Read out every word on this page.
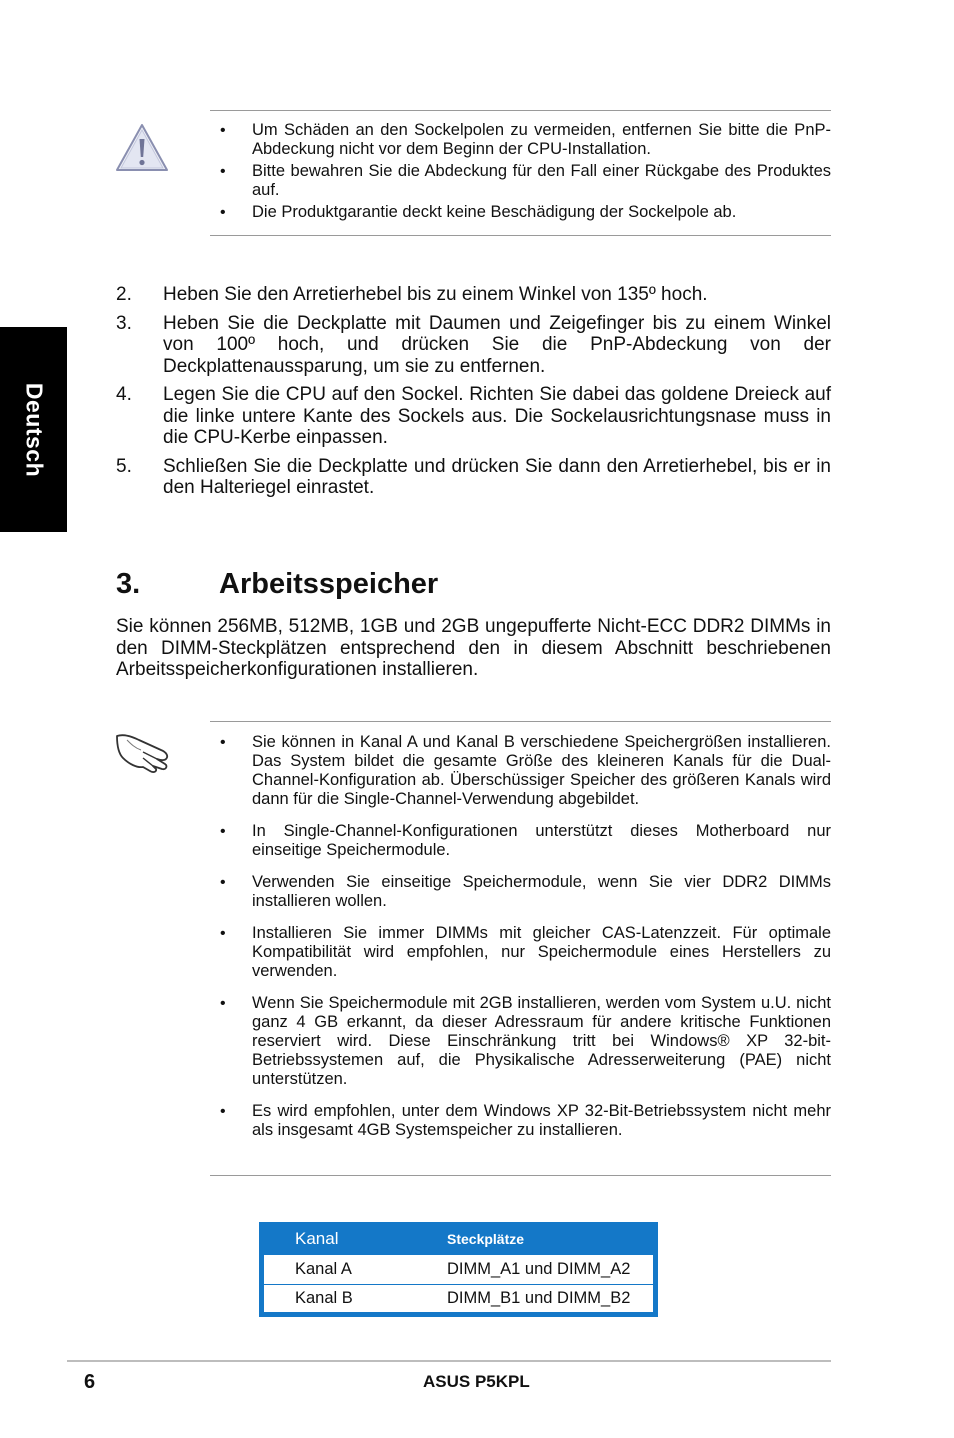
Deutsch
• Um Schäden an den Sockelpolen zu vermeiden, entfernen Sie bitte die PnP-Abdeckung nicht vor dem Beginn der CPU-Installation.
• Bitte bewahren Sie die Abdeckung für den Fall einer Rückgabe des Produktes auf.
• Die Produktgarantie deckt keine Beschädigung der Sockelpole ab.
2. Heben Sie den Arretierhebel bis zu einem Winkel von 135º hoch.
3. Heben Sie die Deckplatte mit Daumen und Zeigefinger bis zu einem Winkel von 100º hoch, und drücken Sie die PnP-Abdeckung von der Deckplattenaussparung, um sie zu entfernen.
4. Legen Sie die CPU auf den Sockel. Richten Sie dabei das goldene Dreieck auf die linke untere Kante des Sockels aus. Die Sockelausrichtungsnase muss in die CPU-Kerbe einpassen.
5. Schließen Sie die Deckplatte und drücken Sie dann den Arretierhebel, bis er in den Halteriegel einrastet.
3.	Arbeitsspeicher

Sie können 256MB, 512MB, 1GB und 2GB ungepufferte Nicht-ECC DDR2 DIMMs in den DIMM-Steckplätzen entsprechend den in diesem Abschnitt beschriebenen Arbeitsspeicherkonfigurationen installieren.

• Sie können in Kanal A und Kanal B verschiedene Speichergrößen installieren. Das System bildet die gesamte Größe des kleineren Kanals für die Dual-Channel-Konfiguration ab. Überschüssiger Speicher des größeren Kanals wird dann für die Single-Channel-Verwendung abgebildet.
• In Single-Channel-Konfigurationen unterstützt dieses Motherboard nur einseitige Speichermodule.
• Verwenden Sie einseitige Speichermodule, wenn Sie vier DDR2 DIMMs installieren wollen.
• Installieren Sie immer DIMMs mit gleicher CAS-Latenzzeit. Für optimale Kompatibilität wird empfohlen, nur Speichermodule eines Herstellers zu verwenden.
• Wenn Sie Speichermodule mit 2GB installieren, werden vom System u.U. nicht ganz 4 GB erkannt, da dieser Adressraum für andere kritische Funktionen reserviert wird. Diese Einschränkung tritt bei Windows® XP 32-bit-Betriebssystemen auf, die Physikalische Adresserweiterung (PAE) nicht unterstützen.
• Es wird empfohlen, unter dem Windows XP 32-Bit-Betriebssystem nicht mehr als insgesamt 4GB Systemspeicher zu installieren.
Kanal	Steckplätze
Kanal A	DIMM_A1 und DIMM_A2
Kanal B	DIMM_B1 und DIMM_B2
6	ASUS P5KPL
